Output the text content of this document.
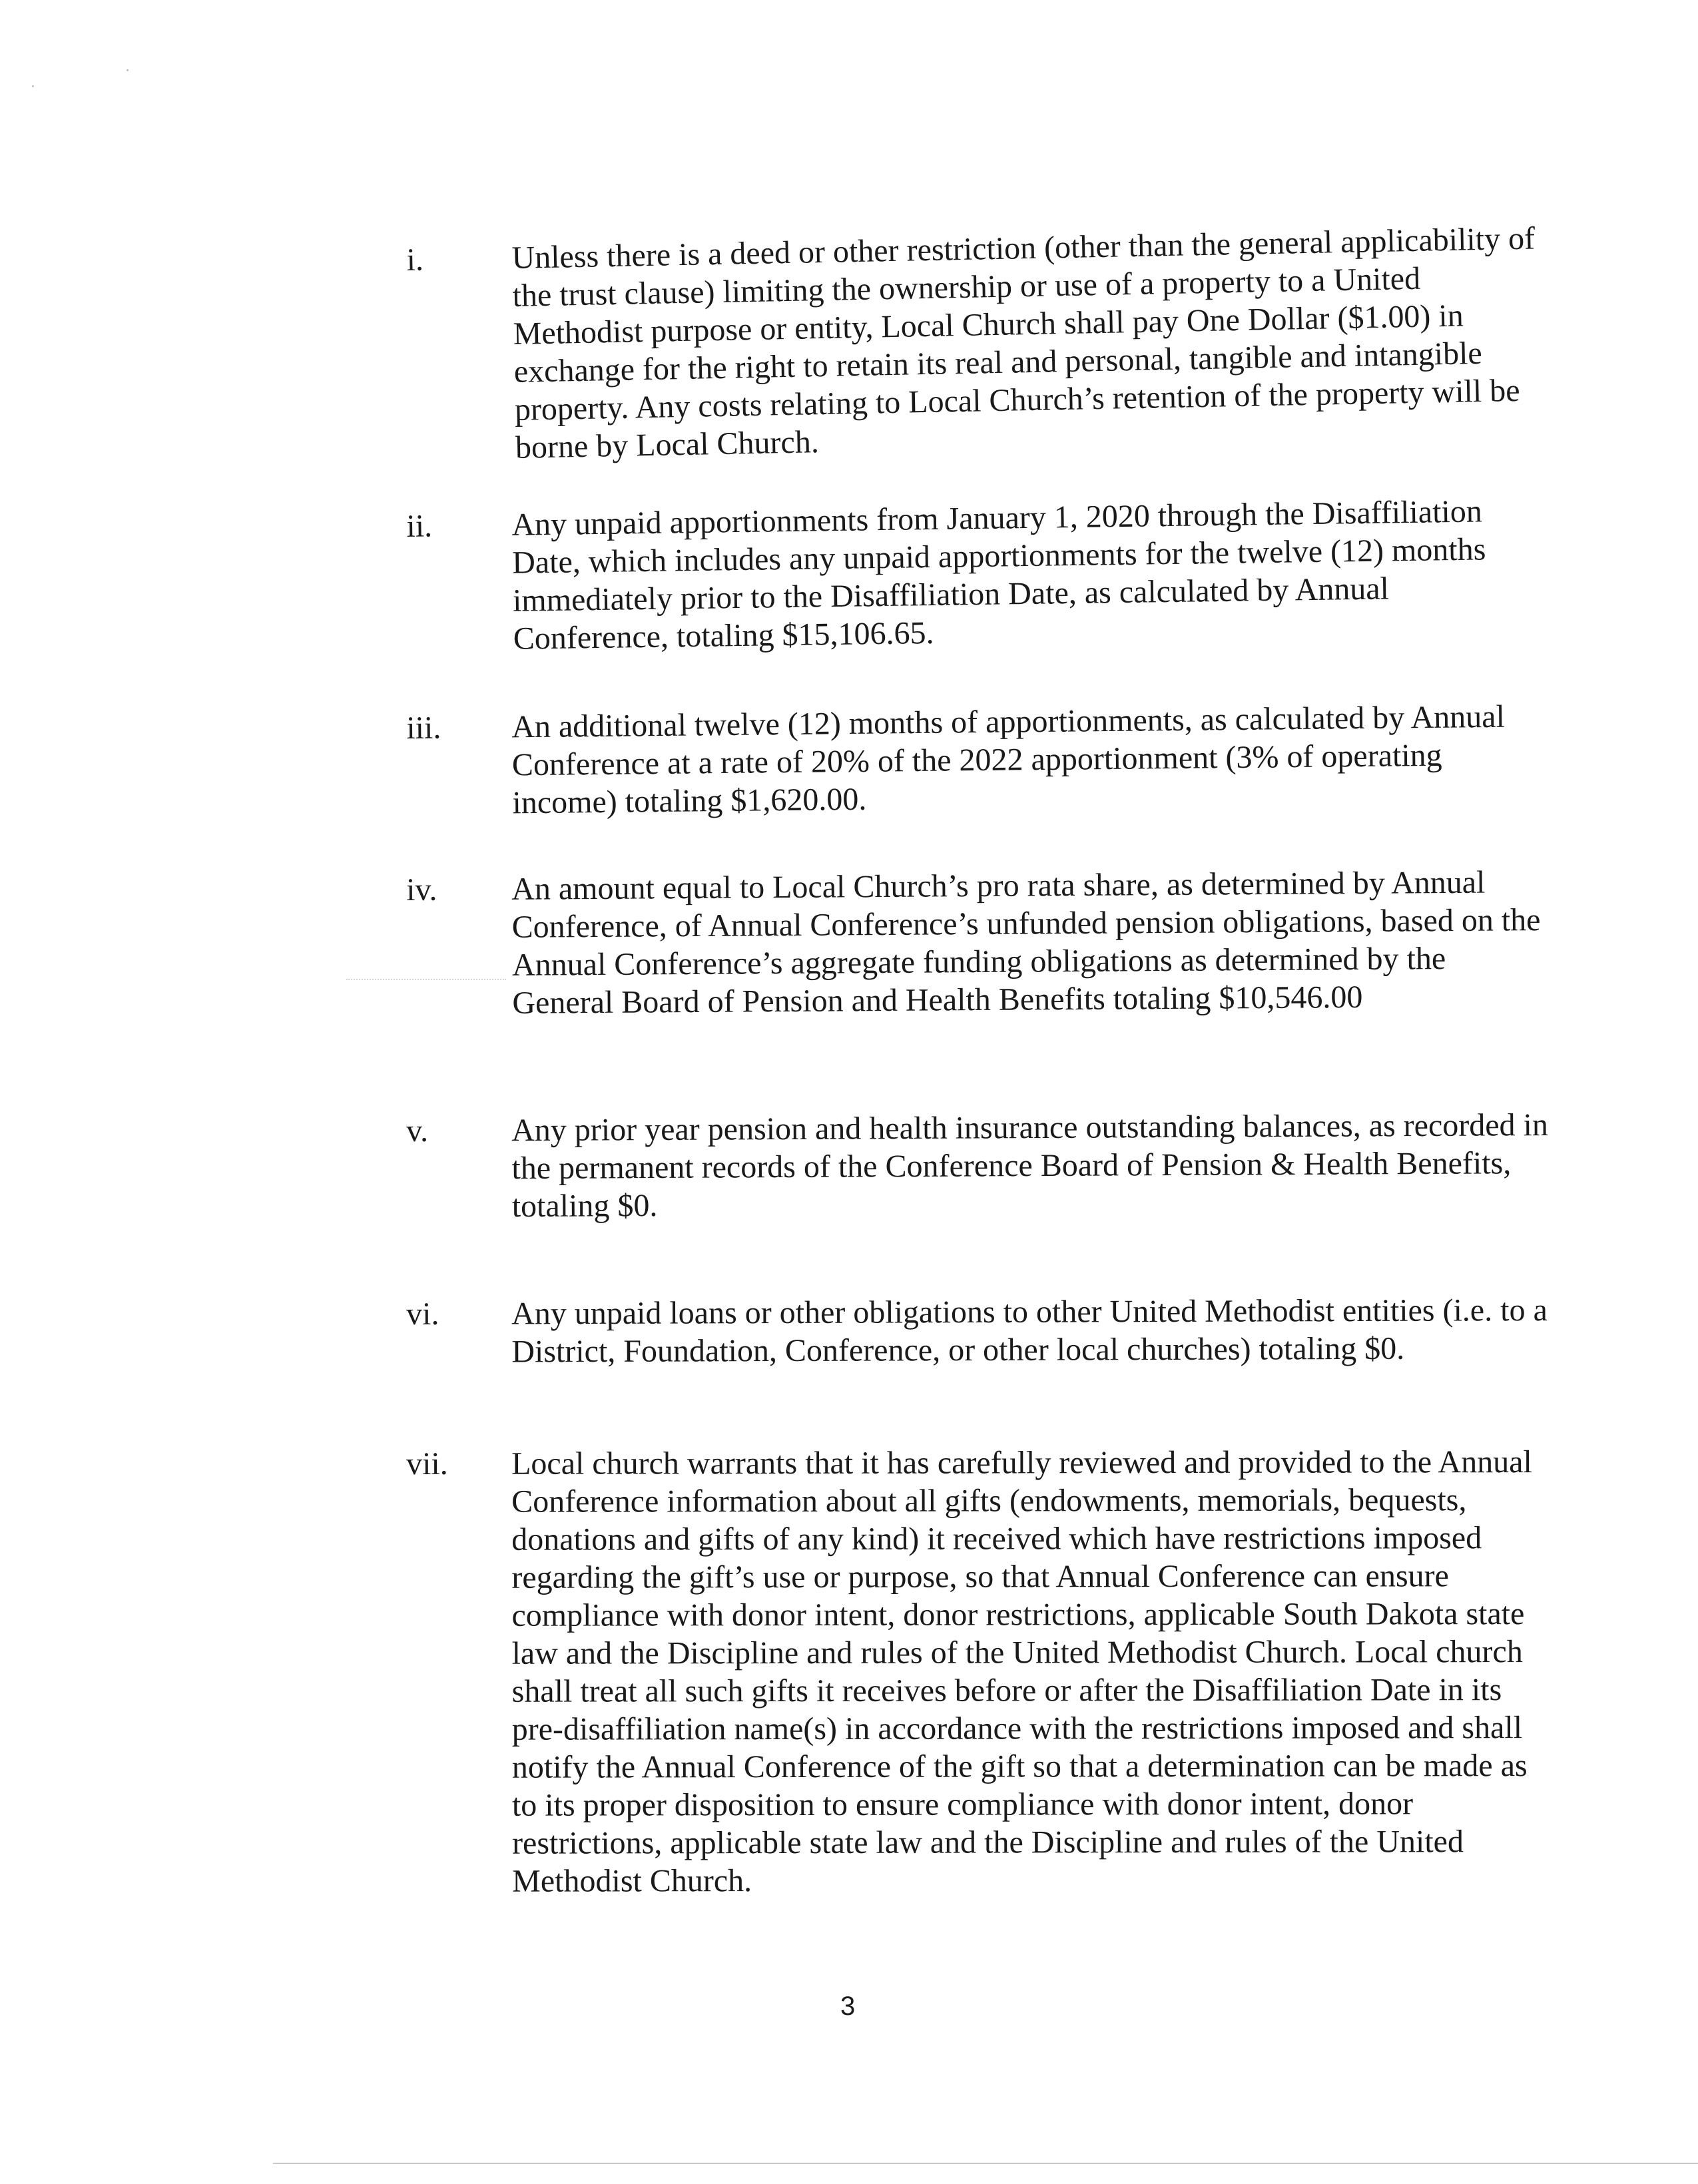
i.	Unless there is a deed or other restriction (other than the general applicability of the trust clause) limiting the ownership or use of a property to a United Methodist purpose or entity, Local Church shall pay One Dollar ($1.00) in exchange for the right to retain its real and personal, tangible and intangible property. Any costs relating to Local Church’s retention of the property will be borne by Local Church.
ii. Any unpaid apportionments from January 1, 2020 through the Disaffiliation Date, which includes any unpaid apportionments for the twelve (12) months immediately prior to the Disaffiliation Date, as calculated by Annual Conference, totaling $15,106.65.
iii. An additional twelve (12) months of apportionments, as calculated by Annual Conference at a rate of 20% of the 2022 apportionment (3% of operating income) totaling $1,620.00.
iv. An amount equal to Local Church’s pro rata share, as determined by Annual Conference, of Annual Conference’s unfunded pension obligations, based on the Annual Conference’s aggregate funding obligations as determined by the General Board of Pension and Health Benefits totaling $10,546.00
v.	Any prior year pension and health insurance outstanding balances, as recorded in the permanent records of the Conference Board of Pension & Health Benefits, totaling $0.
vi. Any unpaid loans or other obligations to other United Methodist entities (i.e. to a District, Foundation, Conference, or other local churches) totaling $0.
vii. Local church warrants that it has carefully reviewed and provided to the Annual Conference information about all gifts (endowments, memorials, bequests, donations and gifts of any kind) it received which have restrictions imposed regarding the gift’s use or purpose, so that Annual Conference can ensure compliance with donor intent, donor restrictions, applicable South Dakota state law and the Discipline and rules of the United Methodist Church. Local church shall treat all such gifts it receives before or after the Disaffiliation Date in its pre-disaffiliation name(s) in accordance with the restrictions imposed and shall notify the Annual Conference of the gift so that a determination can be made as to its proper disposition to ensure compliance with donor intent, donor restrictions, applicable state law and the Discipline and rules of the United Methodist Church.
3
